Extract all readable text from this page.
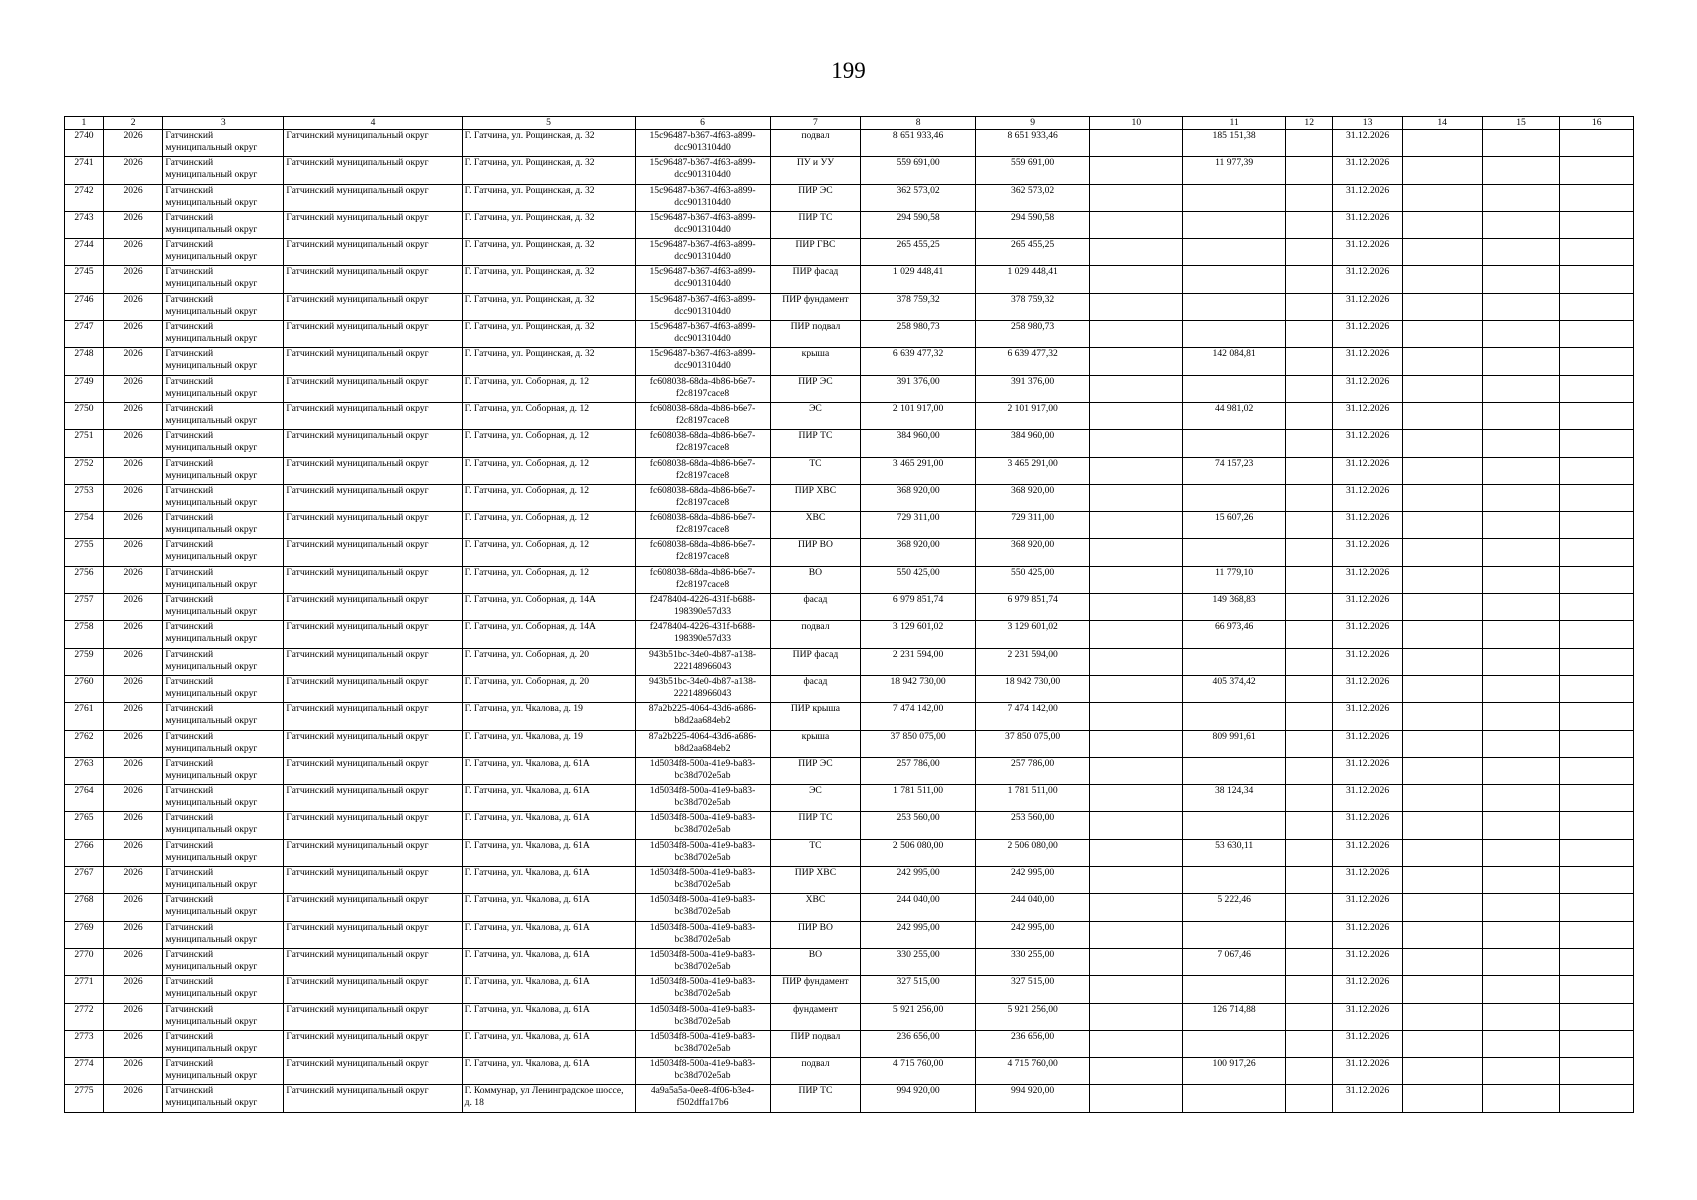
199
1	2	3	4	5	6	7	8	9	10	11	12	13	14	15	16
2740	2026	Гатчинский муниципальный округ	Гатчинский муниципальный округ	Г. Гатчина, ул. Рощинская, д. 32	15c96487-b367-4f63-a899-dcc9013104d0	подвал	8 651 933,46	8 651 933,46		185 151,38		31.12.2026			
2741	2026	Гатчинский муниципальный округ	Гатчинский муниципальный округ	Г. Гатчина, ул. Рощинская, д. 32	15c96487-b367-4f63-a899-dcc9013104d0	ПУ и УУ	559 691,00	559 691,00		11 977,39		31.12.2026			
2742	2026	Гатчинский муниципальный округ	Гатчинский муниципальный округ	Г. Гатчина, ул. Рощинская, д. 32	15c96487-b367-4f63-a899-dcc9013104d0	ПИР ЭС	362 573,02	362 573,02				31.12.2026			
2743	2026	Гатчинский муниципальный округ	Гатчинский муниципальный округ	Г. Гатчина, ул. Рощинская, д. 32	15c96487-b367-4f63-a899-dcc9013104d0	ПИР ТС	294 590,58	294 590,58				31.12.2026			
2744	2026	Гатчинский муниципальный округ	Гатчинский муниципальный округ	Г. Гатчина, ул. Рощинская, д. 32	15c96487-b367-4f63-a899-dcc9013104d0	ПИР ГВС	265 455,25	265 455,25				31.12.2026			
2745	2026	Гатчинский муниципальный округ	Гатчинский муниципальный округ	Г. Гатчина, ул. Рощинская, д. 32	15c96487-b367-4f63-a899-dcc9013104d0	ПИР фасад	1 029 448,41	1 029 448,41				31.12.2026			
2746	2026	Гатчинский муниципальный округ	Гатчинский муниципальный округ	Г. Гатчина, ул. Рощинская, д. 32	15c96487-b367-4f63-a899-dcc9013104d0	ПИР фундамент	378 759,32	378 759,32				31.12.2026			
2747	2026	Гатчинский муниципальный округ	Гатчинский муниципальный округ	Г. Гатчина, ул. Рощинская, д. 32	15c96487-b367-4f63-a899-dcc9013104d0	ПИР подвал	258 980,73	258 980,73				31.12.2026			
2748	2026	Гатчинский муниципальный округ	Гатчинский муниципальный округ	Г. Гатчина, ул. Рощинская, д. 32	15c96487-b367-4f63-a899-dcc9013104d0	крыша	6 639 477,32	6 639 477,32		142 084,81		31.12.2026			
2749	2026	Гатчинский муниципальный округ	Гатчинский муниципальный округ	Г. Гатчина, ул. Соборная, д. 12	fc608038-68da-4b86-b6e7-f2c8197cace8	ПИР ЭС	391 376,00	391 376,00				31.12.2026			
2750	2026	Гатчинский муниципальный округ	Гатчинский муниципальный округ	Г. Гатчина, ул. Соборная, д. 12	fc608038-68da-4b86-b6e7-f2c8197cace8	ЭС	2 101 917,00	2 101 917,00		44 981,02		31.12.2026			
2751	2026	Гатчинский муниципальный округ	Гатчинский муниципальный округ	Г. Гатчина, ул. Соборная, д. 12	fc608038-68da-4b86-b6e7-f2c8197cace8	ПИР ТС	384 960,00	384 960,00				31.12.2026			
2752	2026	Гатчинский муниципальный округ	Гатчинский муниципальный округ	Г. Гатчина, ул. Соборная, д. 12	fc608038-68da-4b86-b6e7-f2c8197cace8	ТС	3 465 291,00	3 465 291,00		74 157,23		31.12.2026			
2753	2026	Гатчинский муниципальный округ	Гатчинский муниципальный округ	Г. Гатчина, ул. Соборная, д. 12	fc608038-68da-4b86-b6e7-f2c8197cace8	ПИР ХВС	368 920,00	368 920,00				31.12.2026			
2754	2026	Гатчинский муниципальный округ	Гатчинский муниципальный округ	Г. Гатчина, ул. Соборная, д. 12	fc608038-68da-4b86-b6e7-f2c8197cace8	ХВС	729 311,00	729 311,00		15 607,26		31.12.2026			
2755	2026	Гатчинский муниципальный округ	Гатчинский муниципальный округ	Г. Гатчина, ул. Соборная, д. 12	fc608038-68da-4b86-b6e7-f2c8197cace8	ПИР ВО	368 920,00	368 920,00				31.12.2026			
2756	2026	Гатчинский муниципальный округ	Гатчинский муниципальный округ	Г. Гатчина, ул. Соборная, д. 12	fc608038-68da-4b86-b6e7-f2c8197cace8	ВО	550 425,00	550 425,00		11 779,10		31.12.2026			
2757	2026	Гатчинский муниципальный округ	Гатчинский муниципальный округ	Г. Гатчина, ул. Соборная, д. 14А	f2478404-4226-431f-b688-198390e57d33	фасад	6 979 851,74	6 979 851,74		149 368,83		31.12.2026			
2758	2026	Гатчинский муниципальный округ	Гатчинский муниципальный округ	Г. Гатчина, ул. Соборная, д. 14А	f2478404-4226-431f-b688-198390e57d33	подвал	3 129 601,02	3 129 601,02		66 973,46		31.12.2026			
2759	2026	Гатчинский муниципальный округ	Гатчинский муниципальный округ	Г. Гатчина, ул. Соборная, д. 20	943b51bc-34e0-4b87-a138-222148966043	ПИР фасад	2 231 594,00	2 231 594,00				31.12.2026			
2760	2026	Гатчинский муниципальный округ	Гатчинский муниципальный округ	Г. Гатчина, ул. Соборная, д. 20	943b51bc-34e0-4b87-a138-222148966043	фасад	18 942 730,00	18 942 730,00		405 374,42		31.12.2026			
2761	2026	Гатчинский муниципальный округ	Гатчинский муниципальный округ	Г. Гатчина, ул. Чкалова, д. 19	87a2b225-4064-43d6-a686-b8d2aa684eb2	ПИР крыша	7 474 142,00	7 474 142,00				31.12.2026			
2762	2026	Гатчинский муниципальный округ	Гатчинский муниципальный округ	Г. Гатчина, ул. Чкалова, д. 19	87a2b225-4064-43d6-a686-b8d2aa684eb2	крыша	37 850 075,00	37 850 075,00		809 991,61		31.12.2026			
2763	2026	Гатчинский муниципальный округ	Гатчинский муниципальный округ	Г. Гатчина, ул. Чкалова, д. 61А	1d5034f8-500a-41e9-ba83-bc38d702e5ab	ПИР ЭС	257 786,00	257 786,00				31.12.2026			
2764	2026	Гатчинский муниципальный округ	Гатчинский муниципальный округ	Г. Гатчина, ул. Чкалова, д. 61А	1d5034f8-500a-41e9-ba83-bc38d702e5ab	ЭС	1 781 511,00	1 781 511,00		38 124,34		31.12.2026			
2765	2026	Гатчинский муниципальный округ	Гатчинский муниципальный округ	Г. Гатчина, ул. Чкалова, д. 61А	1d5034f8-500a-41e9-ba83-bc38d702e5ab	ПИР ТС	253 560,00	253 560,00				31.12.2026			
2766	2026	Гатчинский муниципальный округ	Гатчинский муниципальный округ	Г. Гатчина, ул. Чкалова, д. 61А	1d5034f8-500a-41e9-ba83-bc38d702e5ab	ТС	2 506 080,00	2 506 080,00		53 630,11		31.12.2026			
2767	2026	Гатчинский муниципальный округ	Гатчинский муниципальный округ	Г. Гатчина, ул. Чкалова, д. 61А	1d5034f8-500a-41e9-ba83-bc38d702e5ab	ПИР ХВС	242 995,00	242 995,00				31.12.2026			
2768	2026	Гатчинский муниципальный округ	Гатчинский муниципальный округ	Г. Гатчина, ул. Чкалова, д. 61А	1d5034f8-500a-41e9-ba83-bc38d702e5ab	ХВС	244 040,00	244 040,00		5 222,46		31.12.2026			
2769	2026	Гатчинский муниципальный округ	Гатчинский муниципальный округ	Г. Гатчина, ул. Чкалова, д. 61А	1d5034f8-500a-41e9-ba83-bc38d702e5ab	ПИР ВО	242 995,00	242 995,00				31.12.2026			
2770	2026	Гатчинский муниципальный округ	Гатчинский муниципальный округ	Г. Гатчина, ул. Чкалова, д. 61А	1d5034f8-500a-41e9-ba83-bc38d702e5ab	ВО	330 255,00	330 255,00		7 067,46		31.12.2026			
2771	2026	Гатчинский муниципальный округ	Гатчинский муниципальный округ	Г. Гатчина, ул. Чкалова, д. 61А	1d5034f8-500a-41e9-ba83-bc38d702e5ab	ПИР фундамент	327 515,00	327 515,00				31.12.2026			
2772	2026	Гатчинский муниципальный округ	Гатчинский муниципальный округ	Г. Гатчина, ул. Чкалова, д. 61А	1d5034f8-500a-41e9-ba83-bc38d702e5ab	фундамент	5 921 256,00	5 921 256,00		126 714,88		31.12.2026			
2773	2026	Гатчинский муниципальный округ	Гатчинский муниципальный округ	Г. Гатчина, ул. Чкалова, д. 61А	1d5034f8-500a-41e9-ba83-bc38d702e5ab	ПИР подвал	236 656,00	236 656,00				31.12.2026			
2774	2026	Гатчинский муниципальный округ	Гатчинский муниципальный округ	Г. Гатчина, ул. Чкалова, д. 61А	1d5034f8-500a-41e9-ba83-bc38d702e5ab	подвал	4 715 760,00	4 715 760,00		100 917,26		31.12.2026			
2775	2026	Гатчинский муниципальный округ	Гатчинский муниципальный округ	Г. Коммунар, ул Ленинградское шоссе, д. 18	4a9a5a5a-0ee8-4f06-b3e4-f502dffa17b6	ПИР ТС	994 920,00	994 920,00				31.12.2026			
